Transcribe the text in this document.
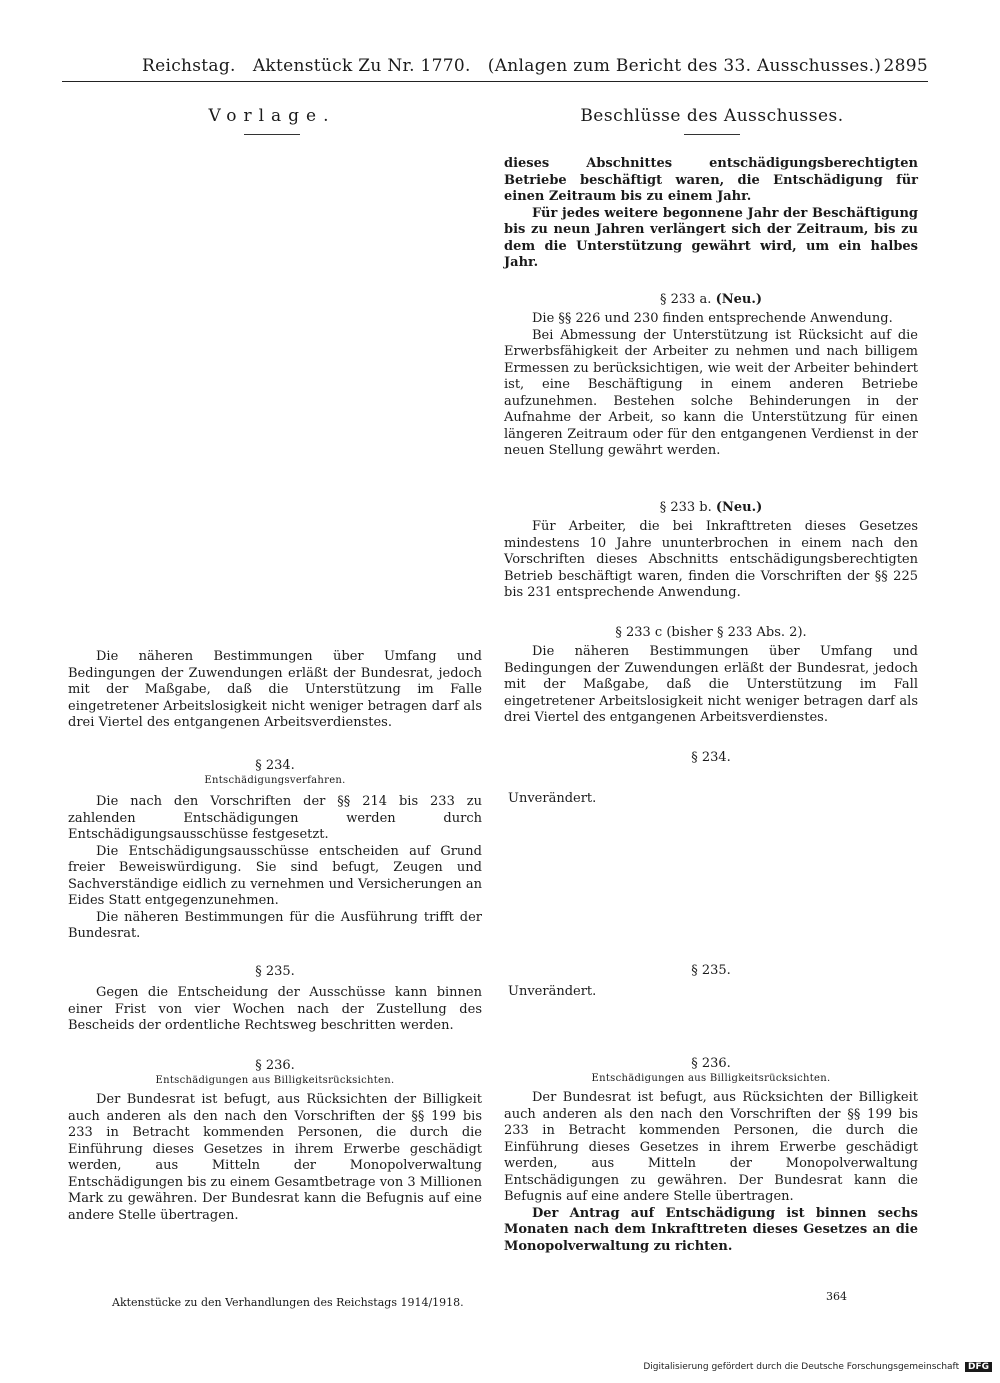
Reichstag.   Aktenstück Zu Nr. 1770.   (Anlagen zum Bericht des 33. Ausschusses.) 2895
Vorlage.	Beschlüsse des Ausschusses.

Die näheren Bestimmungen über Umfang und Bedingungen der Zuwendungen erläßt der Bundesrat, jedoch mit der Maßgabe, daß die Unterstützung im Falle eingetretener Arbeitslosigkeit nicht weniger betragen darf als drei Viertel des entgangenen Arbeitsverdienstes.

§ 234.
Entschädigungsverfahren.

Die nach den Vorschriften der §§ 214 bis 233 zu zahlenden Entschädigungen werden durch Entschädigungsausschüsse festgesetzt.

Die Entschädigungsausschüsse entscheiden auf Grund freier Beweiswürdigung. Sie sind befugt, Zeugen und Sachverständige eidlich zu vernehmen und Versicherungen an Eides Statt entgegenzunehmen.

Die näheren Bestimmungen für die Ausführung trifft der Bundesrat.

§ 235.

Gegen die Entscheidung der Ausschüsse kann binnen einer Frist von vier Wochen nach der Zustellung des Bescheids der ordentliche Rechtsweg beschritten werden.

§ 236.
Entschädigungen aus Billigkeitsrücksichten.

Der Bundesrat ist befugt, aus Rücksichten der Billigkeit auch anderen als den nach den Vorschriften der §§ 199 bis 233 in Betracht kommenden Personen, die durch die Einführung dieses Gesetzes in ihrem Erwerbe geschädigt werden, aus Mitteln der Monopolverwaltung Entschädigungen bis zu einem Gesamtbetrage von 3 Millionen Mark zu gewähren. Der Bundesrat kann die Befugnis auf eine andere Stelle übertragen.

dieses Abschnittes entschädigungsberechtigten Betriebe beschäftigt waren, die Entschädigung für einen Zeitraum bis zu einem Jahr.

Für jedes weitere begonnene Jahr der Beschäftigung bis zu neun Jahren verlängert sich der Zeitraum, bis zu dem die Unterstützung gewährt wird, um ein halbes Jahr.

§ 233 a. (Neu.)

Die §§ 226 und 230 finden entsprechende Anwendung.

Bei Abmessung der Unterstützung ist Rücksicht auf die Erwerbsfähigkeit der Arbeiter zu nehmen und nach billigem Ermessen zu berücksichtigen, wie weit der Arbeiter behindert ist, eine Beschäftigung in einem anderen Betriebe aufzunehmen. Bestehen solche Behinderungen in der Aufnahme der Arbeit, so kann die Unterstützung für einen längeren Zeitraum oder für den entgangenen Verdienst in der neuen Stellung gewährt werden.

§ 233 b. (Neu.)

Für Arbeiter, die bei Inkrafttreten dieses Gesetzes mindestens 10 Jahre ununterbrochen in einem nach den Vorschriften dieses Abschnitts entschädigungsberechtigten Betrieb beschäftigt waren, finden die Vorschriften der §§ 225 bis 231 entsprechende Anwendung.

§ 233 c (bisher § 233 Abs. 2).

Die näheren Bestimmungen über Umfang und Bedingungen der Zuwendungen erläßt der Bundesrat, jedoch mit der Maßgabe, daß die Unterstützung im Fall eingetretener Arbeitslosigkeit nicht weniger betragen darf als drei Viertel des entgangenen Arbeitsverdienstes.

§ 234.
Unverändert.
§ 235.
Unverändert.
§ 236.
Entschädigungen aus Billigkeitsrücksichten.

Der Bundesrat ist befugt, aus Rücksichten der Billigkeit auch anderen als den nach den Vorschriften der §§ 199 bis 233 in Betracht kommenden Personen, die durch die Einführung dieses Gesetzes in ihrem Erwerbe geschädigt werden, aus Mitteln der Monopolverwaltung Entschädigungen zu gewähren. Der Bundesrat kann die Befugnis auf eine andere Stelle übertragen.

Der Antrag auf Entschädigung ist binnen sechs Monaten nach dem Inkrafttreten dieses Gesetzes an die Monopolverwaltung zu richten.

Aktenstücke zu den Verhandlungen des Reichstags 1914/1918.	364
Digitalisierung gefördert durch die Deutsche Forschungsgemeinschaft DFG
